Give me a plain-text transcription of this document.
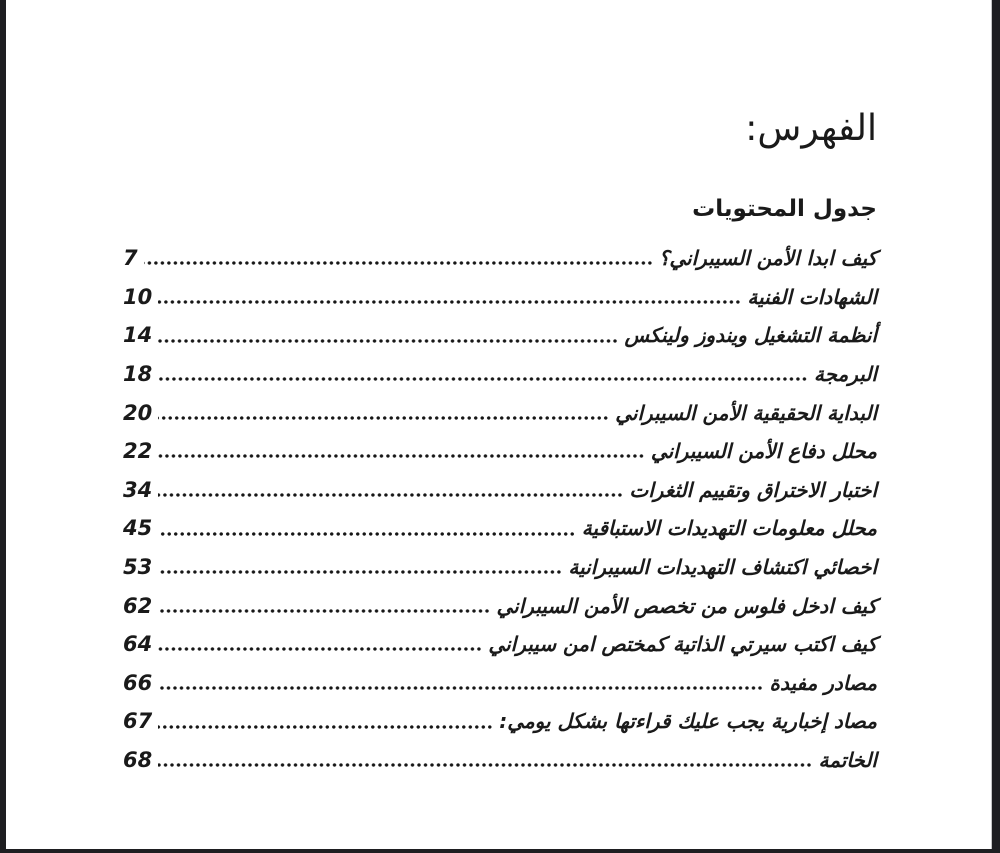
الفهرس:
جدول المحتويات
كيف ابدا الأمن السيبراني؟
7
الشهادات الفنية
10
أنظمة التشغيل ويندوز ولينكس
14
البرمجة
18
البداية الحقيقية الأمن السيبراني
20
محلل دفاع الأمن السيبراني
22
اختبار الاختراق وتقييم الثغرات
34
محلل معلومات التهديدات الاستباقية
45
اخصائي اكتشاف التهديدات السيبرانية
53
كيف ادخل فلوس من تخصص الأمن السيبراني
62
كيف اكتب سيرتي الذاتية كمختص امن سيبراني
64
مصادر مفيدة
66
مصاد إخبارية يجب عليك قراءتها بشكل يومي:
67
الخاتمة
68
